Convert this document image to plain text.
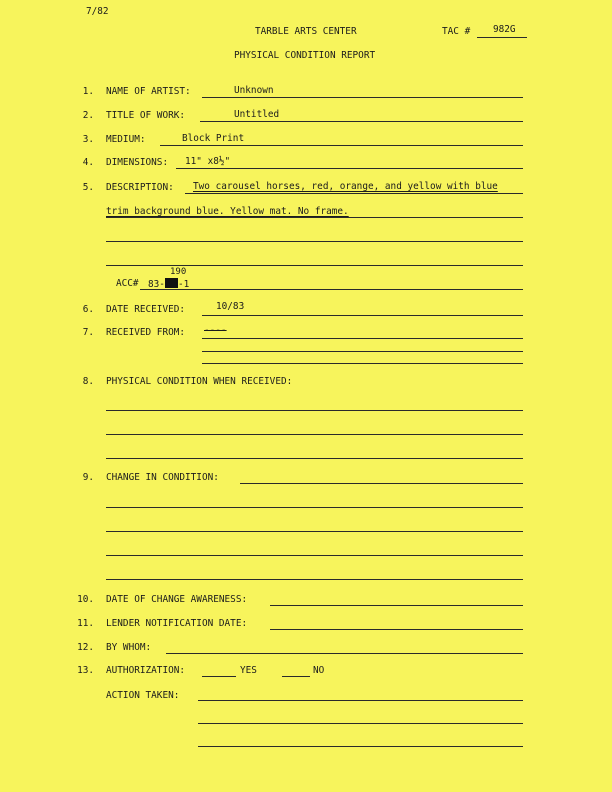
7/82
TARBLE ARTS CENTER	TAC # 982G
PHYSICAL CONDITION REPORT
1. NAME OF ARTIST:	Unknown
2. TITLE OF WORK:	Untitled
3. MEDIUM:	Block Print
4. DIMENSIONS: 11" x8½"
5. DESCRIPTION: Two carousel horses, red, orange, and yellow with blue
trim background blue. Yellow mat. No frame.
ACC# 83- -1
190
6. DATE RECEIVED:	10/83
7. RECEIVED FROM: ----
8. PHYSICAL CONDITION WHEN RECEIVED:
9. CHANGE IN CONDITION:
10. DATE OF CHANGE AWARENESS:
11. LENDER NOTIFICATION DATE:
12. BY WHOM:
13. AUTHORIZATION:	YES	NO
ACTION TAKEN:
